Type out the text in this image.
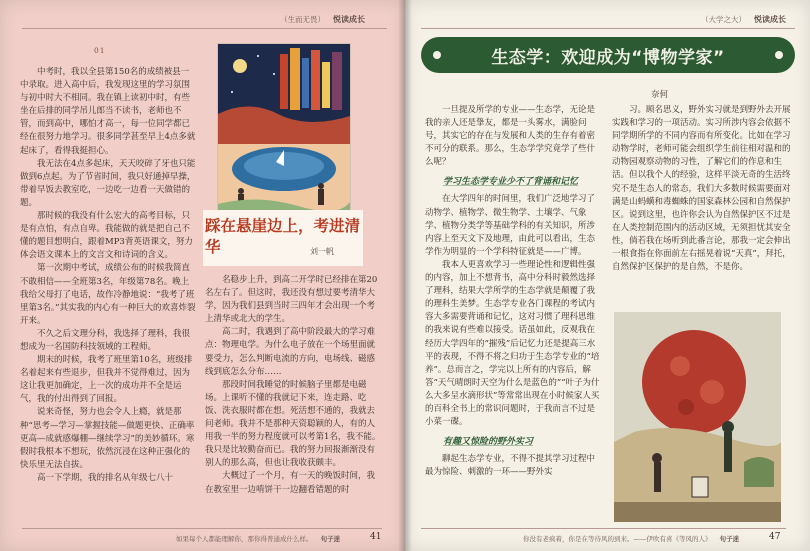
（生而无畏） 悦读成长
01

中考时，我以全县第150名的成绩被县一中录取。进入高中后，我发现这里的学习氛围与初中时大不相同。我在镇上读初中时，有些坐在后排的同学吊儿郎当不读书，老师也不管，而到高中，哪怕才高一，每一位同学都已经在很努力地学习。很多同学甚至早上4点多就起床了，看得我挺担心。

我无法在4点多起床，天天咬碎了牙也只能做到6点起。为了节省时间，我只好通掉早操，带着早饭去教室吃，一边吃一边看一天做错的题。

那时候的我没有什么宏大的高考目标，只是有点怕，有点自卑。我能做的就是把自己不懂的题目想明白，跟着MP3背英语课文，努力体会语文课本上的文言文和诗词的含义。

第一次期中考试，成绩公布的时候我简直不敢相信——全班第3名，年级第78名。晚上我给父母打了电话，故作冷静地说：“我考了班里第3名。”其实我的内心有一种巨大的欢喜炸裂开来。

不久之后文理分科，我选择了理科，我很想成为一名国防科技领域的工程师。

期末的时候，我考了班里第10名，班级排名着起来有些退步，但我并不觉得难过，因为这让我更加确定，上一次的成功并不全是运气，我的付出得到了回报。

说来奇怪，努力也会令人上瘾，就是那种“思考—学习—掌握技能—做题更快、正确率更高—成就感爆棚—继续学习”的美妙循环。寒假时我根本不想玩，依然沉浸在这种正强化的快乐里无法自拔。

高一下学期，我的排名从年级七八十

名稳步上升，到高二开学时已经排在第20名左右了。但这时，我还没有想过要考清华大学，因为我们县到当时三四年才会出现一个考上清华或北大的学生。

高二时，我遇到了高中阶段最大的学习难点：物理电学。为什么电子放在一个场里面就要受力，怎么判断电流的方向，电场线、磁感线到底怎么分布……

那段时间我睡觉的时候脑子里都是电磁场。上课听不懂的我就记下来，连走路、吃饭、洗衣服时都在想。死活想不通的，我就去问老师。我并不是那种天资聪颖的人，有的人用我一半的努力程度就可以考第1名，我不能。我只是比较勤奋而已。我的努力回报渐渐没有别人的那么高，但也让我收获颇丰。

大概过了一个月，有一天的晚饭时间，我在教室里一边啃饼干一边翻看错题的时

踩在悬崖边上，考进清华	刘一帆
如果每个人都能理解你，那你得普通成什么样。 句子迷	41
（大学之大） 悦读成长
生态学：欢迎成为“博物学家”
奈何

一旦提及所学的专业——生态学，无论是我的亲人还是挚友，都是一头雾水，满脸问号，其实它的存在与发展和人类的生存有着密不可分的联系。那么，生态学学究竟学了些什么呢？

学习生态学专业少不了背诵和记忆

在大学四年的时间里，我们广泛地学习了动物学、植物学、微生物学、土壤学、气象学、植物分类学等基础学科的有关知识，所涉内容上至天文下及地理，由此可以看出，生态学作为明显的一个学科特征就是——广博。

我本人更喜欢学习一些理论性和逻辑性强的内容，加上不想背书，高中分科时毅然选择了理科，结果大学所学的生态学就是颠覆了我的理科生美梦。生态学专业各门课程的考试内容大多需要背诵和记忆，这对习惯了理科思维的我来说有些难以接受。话虽如此，反观我在经历大学四年的“摧残”后记忆力还是提高三水平的表现，不得不将之归功于生态学专业的“培养”。总而言之，学完以上所有的内容后，解答“天气晴朗时天空为什么是蓝色的”“叶子为什么大多呈水滴形状”等常常出现在小时候家人买的百科全书上的常识问题时，于我而言不过是小菜一碟。

有趣又惊险的野外实习

聊起生态学专业，不得不提其学习过程中最为惊险、刺激的一环——野外实

习。顾名思义，野外实习就是到野外去开展实践和学习的一项活动。实习所涉内容会依据不同学期所学的不同内容而有所变化。比如在学习动物学时，老师可能会组织学生前往相对温和的动物园观察动物的习性，了解它们的作息和生活。但以我个人的经验，这样平淡无奇的生活终究不是生态人的常态，我们大多数时候需要面对满是山蚂蟥和毒蜘蛛的国家森林公园和自然保护区。说到这里，也许你会认为自然保护区不过是在人类控制范围内的活动区域，无须担忧其安全性，倘若我在场听到此番言论，那我一定会伸出一根食指在你面前左右摇晃着说“天真”，拜托，自然保护区保护的是自然，不是你。

你没有老疯着，你是在等待风的到来。——伊吹有喜《等风的人》 句子迷	47
